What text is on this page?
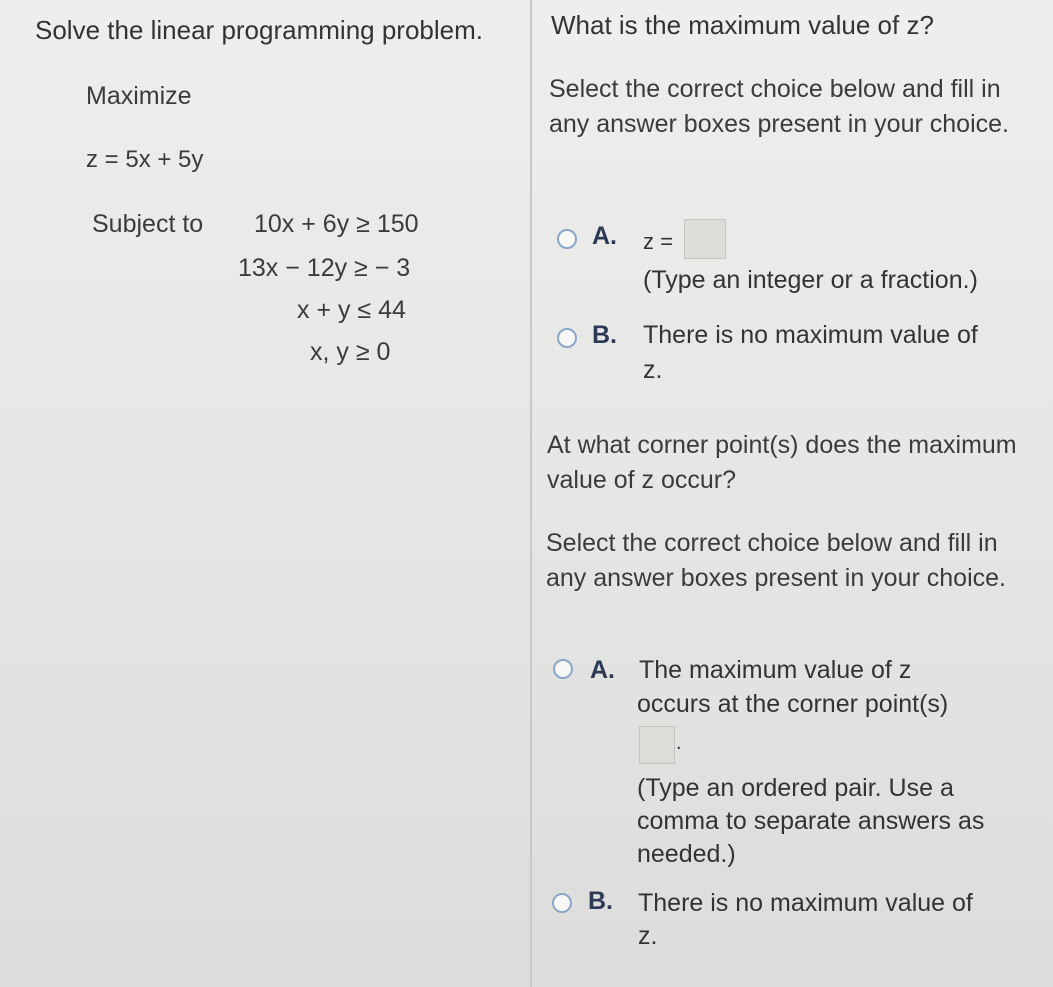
Solve the linear programming problem.
Maximize
z = 5x + 5y
Subject to 10x + 6y ≥ 150
13x − 12y ≥ − 3
x + y ≤ 44
x, y ≥ 0
What is the maximum value of z?
Select the correct choice below and fill in any answer boxes present in your choice.
A. z =
(Type an integer or a fraction.)
B. There is no maximum value of
z.
At what corner point(s) does the maximum value of z occur?
Select the correct choice below and fill in any answer boxes present in your choice.
A. The maximum value of z
occurs at the corner point(s)
.
(Type an ordered pair. Use a comma to separate answers as needed.)
B. There is no maximum value of
z.
